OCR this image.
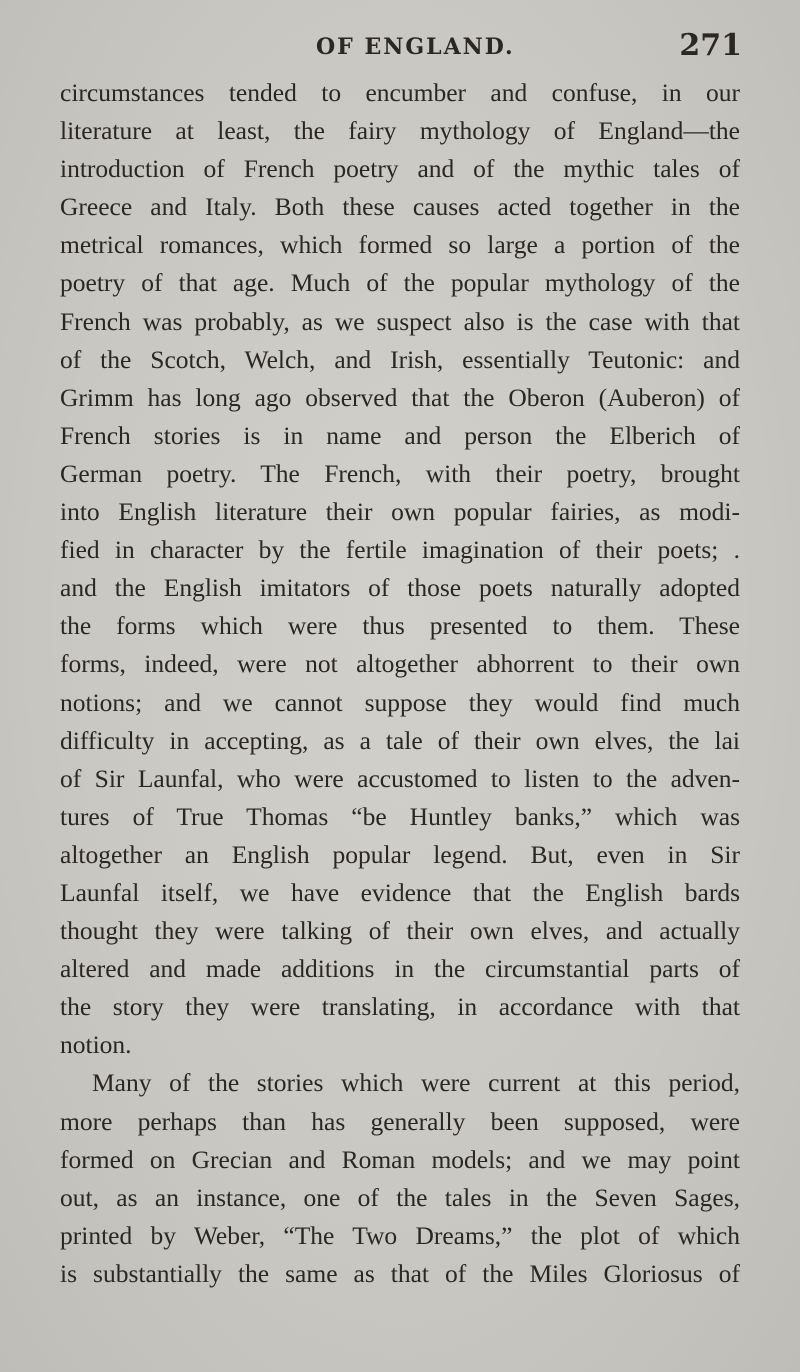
OF ENGLAND.	271
circumstances tended to encumber and confuse, in our
literature at least, the fairy mythology of England—the
introduction of French poetry and of the mythic tales of
Greece and Italy. Both these causes acted together in the
metrical romances, which formed so large a portion of the
poetry of that age. Much of the popular mythology of the
French was probably, as we suspect also is the case with that
of the Scotch, Welch, and Irish, essentially Teutonic: and
Grimm has long ago observed that the Oberon (Auberon) of
French stories is in name and person the Elberich of
German poetry. The French, with their poetry, brought
into English literature their own popular fairies, as modi-
fied in character by the fertile imagination of their poets; .
and the English imitators of those poets naturally adopted
the forms which were thus presented to them. These
forms, indeed, were not altogether abhorrent to their own
notions; and we cannot suppose they would find much
difficulty in accepting, as a tale of their own elves, the lai
of Sir Launfal, who were accustomed to listen to the adven-
tures of True Thomas “be Huntley banks,” which was
altogether an English popular legend. But, even in Sir
Launfal itself, we have evidence that the English bards
thought they were talking of their own elves, and actually
altered and made additions in the circumstantial parts of
the story they were translating, in accordance with that
notion.
Many of the stories which were current at this period,
more perhaps than has generally been supposed, were
formed on Grecian and Roman models; and we may point
out, as an instance, one of the tales in the Seven Sages,
printed by Weber, “The Two Dreams,” the plot of which
is substantially the same as that of the Miles Gloriosus of
